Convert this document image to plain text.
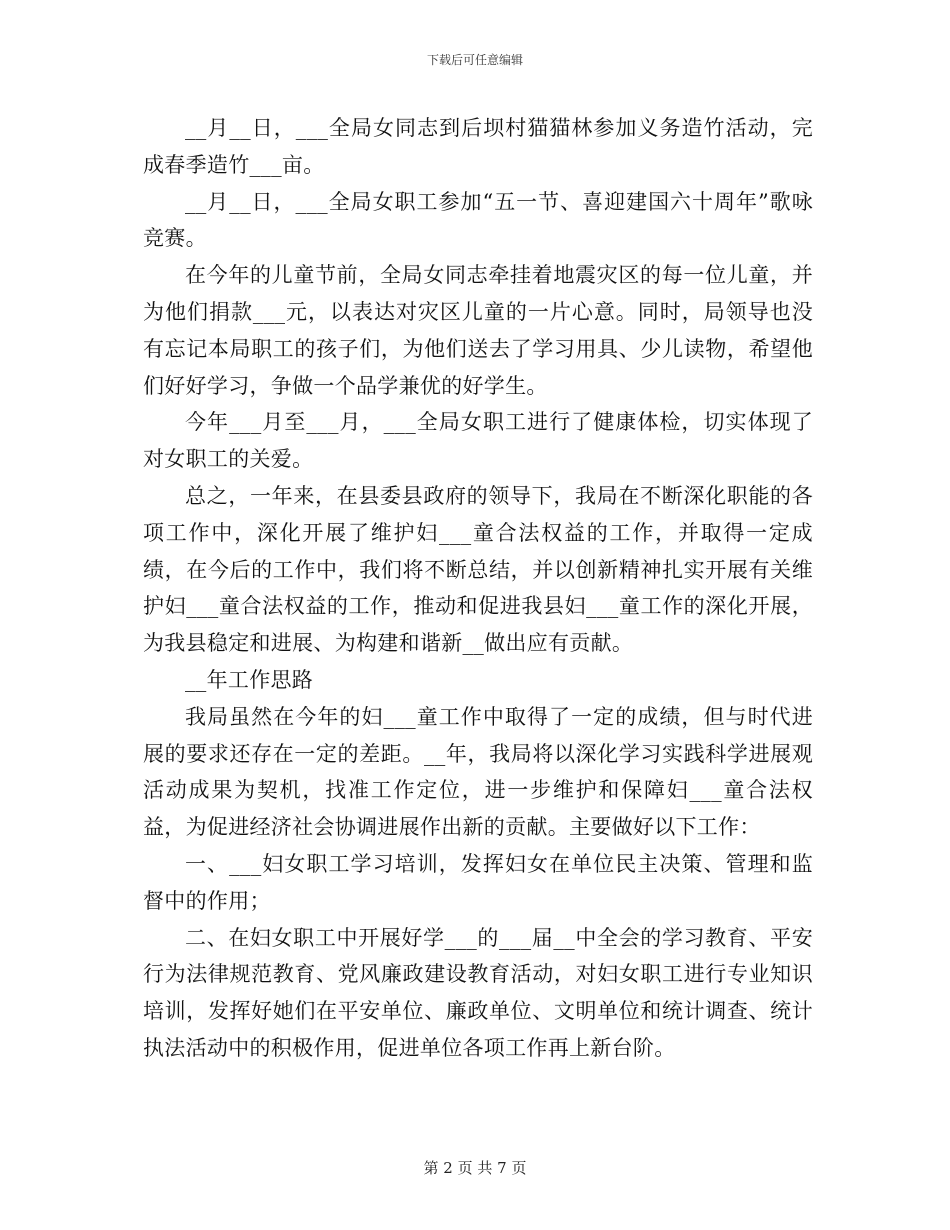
下载后可任意编辑

__月__日，___全局女同志到后坝村猫猫林参加义务造竹活动，完成春季造竹___亩。

__月__日，___全局女职工参加“五一节、喜迎建国六十周年”歌咏竞赛。

在今年的儿童节前，全局女同志牵挂着地震灾区的每一位儿童，并为他们捐款___元，以表达对灾区儿童的一片心意。同时，局领导也没有忘记本局职工的孩子们，为他们送去了学习用具、少儿读物，希望他们好好学习，争做一个品学兼优的好学生。

今年___月至___月，___全局女职工进行了健康体检，切实体现了对女职工的关爱。

总之，一年来，在县委县政府的领导下，我局在不断深化职能的各项工作中，深化开展了维护妇___童合法权益的工作，并取得一定成绩，在今后的工作中，我们将不断总结，并以创新精神扎实开展有关维护妇___童合法权益的工作，推动和促进我县妇___童工作的深化开展，为我县稳定和进展、为构建和谐新__做出应有贡献。

__年工作思路

我局虽然在今年的妇___童工作中取得了一定的成绩，但与时代进展的要求还存在一定的差距。__年，我局将以深化学习实践科学进展观活动成果为契机，找准工作定位，进一步维护和保障妇___童合法权益，为促进经济社会协调进展作出新的贡献。主要做好以下工作：

一、___妇女职工学习培训，发挥妇女在单位民主决策、管理和监督中的作用；

二、在妇女职工中开展好学___的___届__中全会的学习教育、平安行为法律规范教育、党风廉政建设教育活动，对妇女职工进行专业知识培训，发挥好她们在平安单位、廉政单位、文明单位和统计调查、统计执法活动中的积极作用，促进单位各项工作再上新台阶。

第 2 页 共 7 页
